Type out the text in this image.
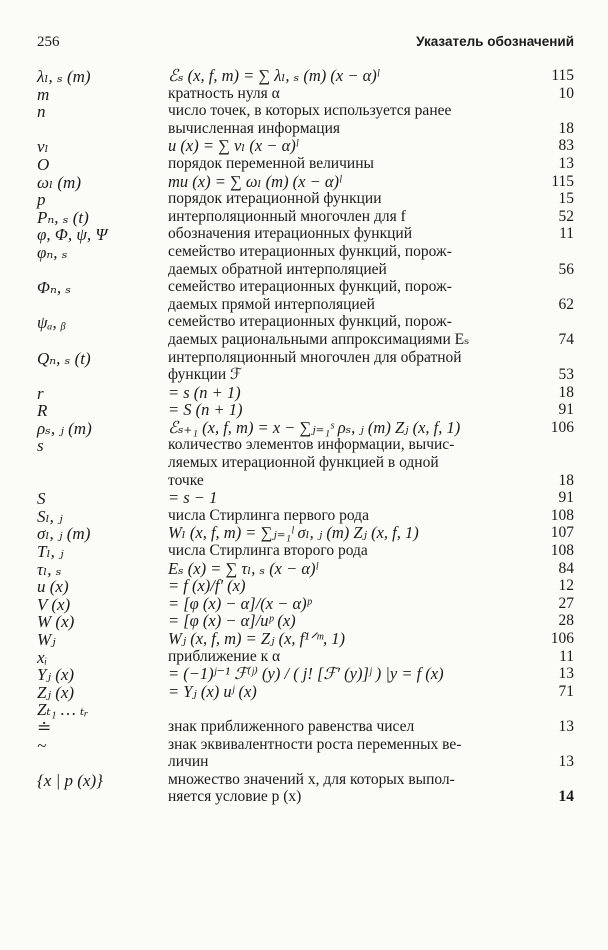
256	Указатель обозначений
λₗ, ₛ (m)	ℰₛ (x, f, m) = ∑ λₗ, ₛ (m) (x − α)ˡ	115
m	кратность нуля α	10
n	число точек, в которых используется ранее
вычисленная информация	18
νₗ	u (x) = ∑ νₗ (x − α)ˡ	83
O	порядок переменной величины	13
ωₗ (m)	mu (x) = ∑ ωₗ (m) (x − α)ˡ	115
p	порядок итерационной функции	15
Pₙ, ₛ (t)	интерполяционный многочлен для f	52
φ, Φ, ψ, Ψ	обозначения итерационных функций	11
φₙ, ₛ	семейство итерационных функций, порож-
даемых обратной интерполяцией	56
Φₙ, ₛ	семейство итерационных функций, порож-
даемых прямой интерполяцией	62
ψₐ, ᵦ	семейство итерационных функций, порож-
даемых рациональными аппроксимациями Eₛ	74
Qₙ, ₛ (t)	интерполяционный многочлен для обратной
функции ℱ	53
r	= s (n + 1)	18
R	= S (n + 1)	91
ρₛ, ⱼ (m)	ℰₛ₊₁ (x, f, m) = x − ∑ⱼ₌₁ˢ ρₛ, ⱼ (m) Zⱼ (x, f, 1)	106
s	количество элементов информации, вычис-
ляемых итерационной функцией в одной
точке	18
S	= s − 1	91
Sₗ, ⱼ	числа Стирлинга первого рода	108
σₗ, ⱼ (m)	Wₗ (x, f, m) = ∑ⱼ₌₁ˡ σₗ, ⱼ (m) Zⱼ (x, f, 1)	107
Tₗ, ⱼ	числа Стирлинга второго рода	108
τₗ, ₛ	Eₛ (x) = ∑ τₗ, ₛ (x − α)ˡ	84
u (x)	= f (x)/f′ (x)	12
V (x)	= [φ (x) − α]/(x − α)ᵖ	27
W (x)	= [φ (x) − α]/uᵖ (x)	28
Wⱼ	Wⱼ (x, f, m) = Zⱼ (x, f¹ᐟᵐ, 1)	106
xᵢ	приближение к α	11
Yⱼ (x)	= (−1)ʲ⁻¹ ℱ⁽ʲ⁾ (y) / ( j! [ℱ′ (y)]ʲ ) |y = f (x)	13
Zⱼ (x)	= Yⱼ (x) uʲ (x)	71
Zₜ₁ … ₜᵣ

≐	знак приближенного равенства чисел	13
~	знак эквивалентности роста переменных ве-
личин	13
{x | p (x)}	множество значений x, для которых выпол-
няется условие p (x)	14
